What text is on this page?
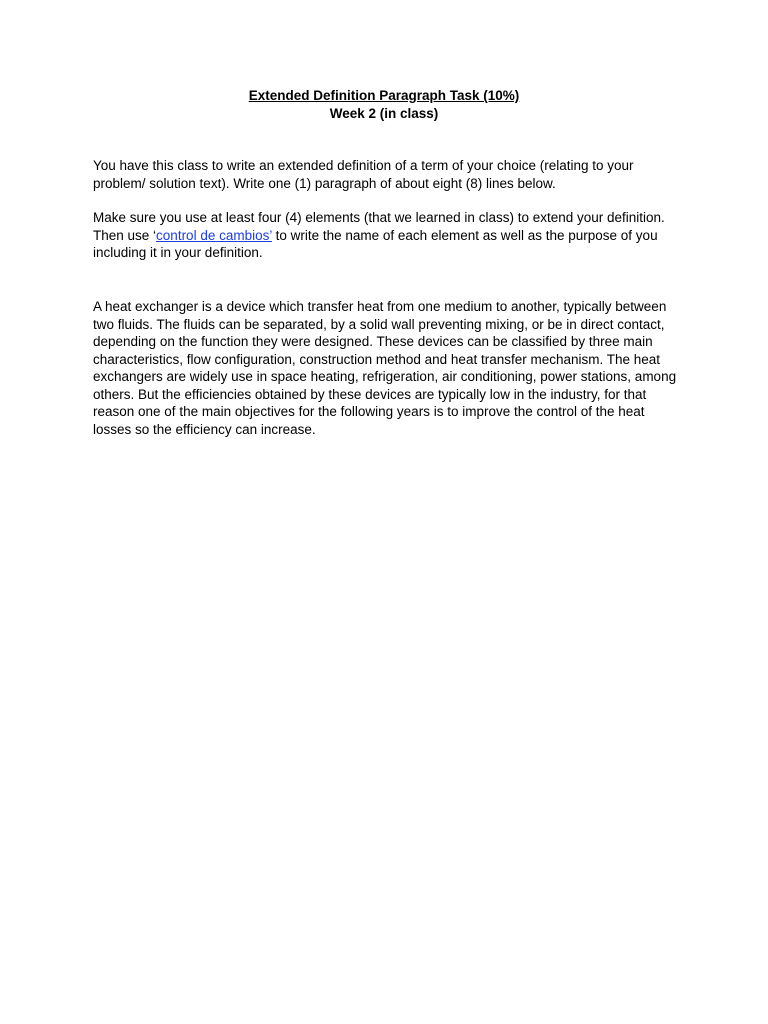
Extended Definition Paragraph Task (10%)
Week 2 (in class)

You have this class to write an extended definition of a term of your choice (relating to your problem/ solution text). Write one (1) paragraph of about eight (8) lines below.

Make sure you use at least four (4) elements (that we learned in class) to extend your definition. Then use ‘control de cambios’ to write the name of each element as well as the purpose of you including it in your definition.

A heat exchanger is a device which transfer heat from one medium to another, typically between two fluids. The fluids can be separated, by a solid wall preventing mixing, or be in direct contact, depending on the function they were designed. These devices can be classified by three main characteristics, flow configuration, construction method and heat transfer mechanism. The heat exchangers are widely use in space heating, refrigeration, air conditioning, power stations, among others. But the efficiencies obtained by these devices are typically low in the industry, for that reason one of the main objectives for the following years is to improve the control of the heat losses so the efficiency can increase.
